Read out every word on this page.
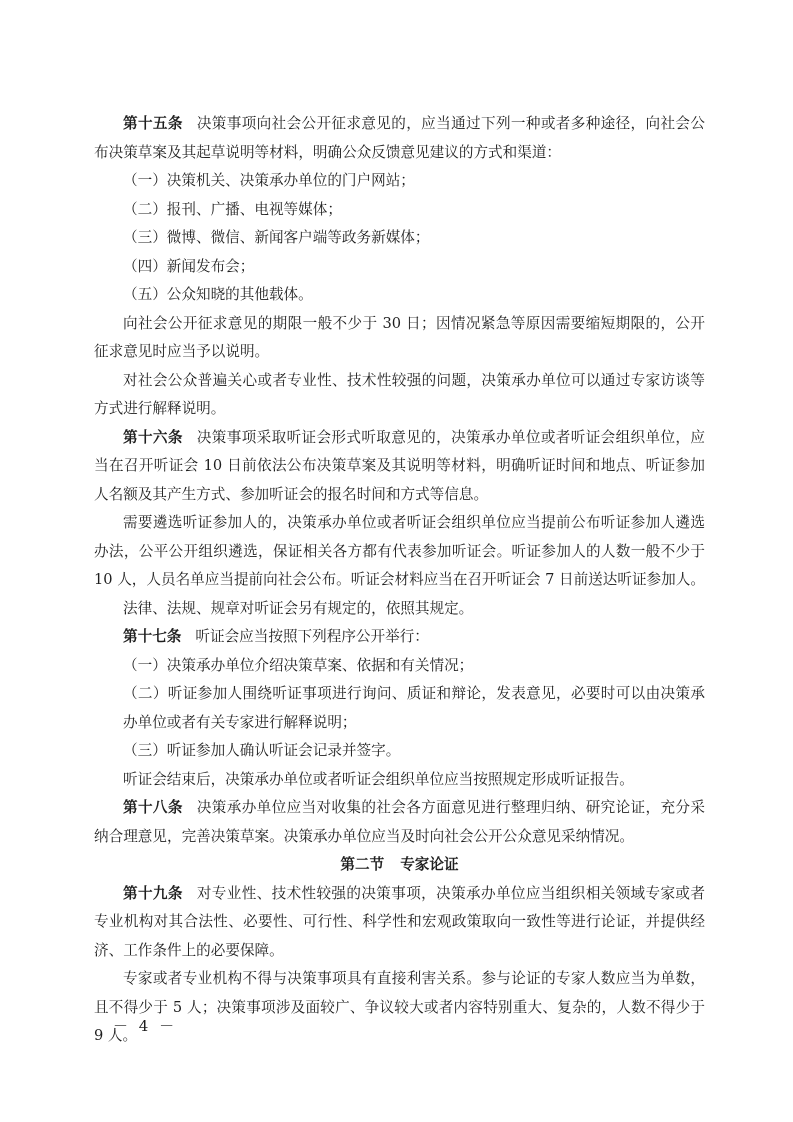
第十五条 决策事项向社会公开征求意见的，应当通过下列一种或者多种途径，向社会公布决策草案及其起草说明等材料，明确公众反馈意见建议的方式和渠道：

（一）决策机关、决策承办单位的门户网站；

（二）报刊、广播、电视等媒体；

（三）微博、微信、新闻客户端等政务新媒体；

（四）新闻发布会；

（五）公众知晓的其他载体。

向社会公开征求意见的期限一般不少于 30 日；因情况紧急等原因需要缩短期限的，公开征求意见时应当予以说明。

对社会公众普遍关心或者专业性、技术性较强的问题，决策承办单位可以通过专家访谈等方式进行解释说明。

第十六条 决策事项采取听证会形式听取意见的，决策承办单位或者听证会组织单位，应当在召开听证会 10 日前依法公布决策草案及其说明等材料，明确听证时间和地点、听证参加人名额及其产生方式、参加听证会的报名时间和方式等信息。

需要遴选听证参加人的，决策承办单位或者听证会组织单位应当提前公布听证参加人遴选办法，公平公开组织遴选，保证相关各方都有代表参加听证会。听证参加人的人数一般不少于 10 人，人员名单应当提前向社会公布。听证会材料应当在召开听证会 7 日前送达听证参加人。

法律、法规、规章对听证会另有规定的，依照其规定。

第十七条 听证会应当按照下列程序公开举行：

（一）决策承办单位介绍决策草案、依据和有关情况；

（二）听证参加人围绕听证事项进行询问、质证和辩论，发表意见，必要时可以由决策承办单位或者有关专家进行解释说明；

（三）听证参加人确认听证会记录并签字。

听证会结束后，决策承办单位或者听证会组织单位应当按照规定形成听证报告。

第十八条 决策承办单位应当对收集的社会各方面意见进行整理归纳、研究论证，充分采纳合理意见，完善决策草案。决策承办单位应当及时向社会公开公众意见采纳情况。

第二节 专家论证

第十九条 对专业性、技术性较强的决策事项，决策承办单位应当组织相关领域专家或者专业机构对其合法性、必要性、可行性、科学性和宏观政策取向一致性等进行论证，并提供经济、工作条件上的必要保障。

专家或者专业机构不得与决策事项具有直接利害关系。参与论证的专家人数应当为单数，且不得少于 5 人；决策事项涉及面较广、争议较大或者内容特别重大、复杂的，人数不得少于 9 人。

－ 4 －
